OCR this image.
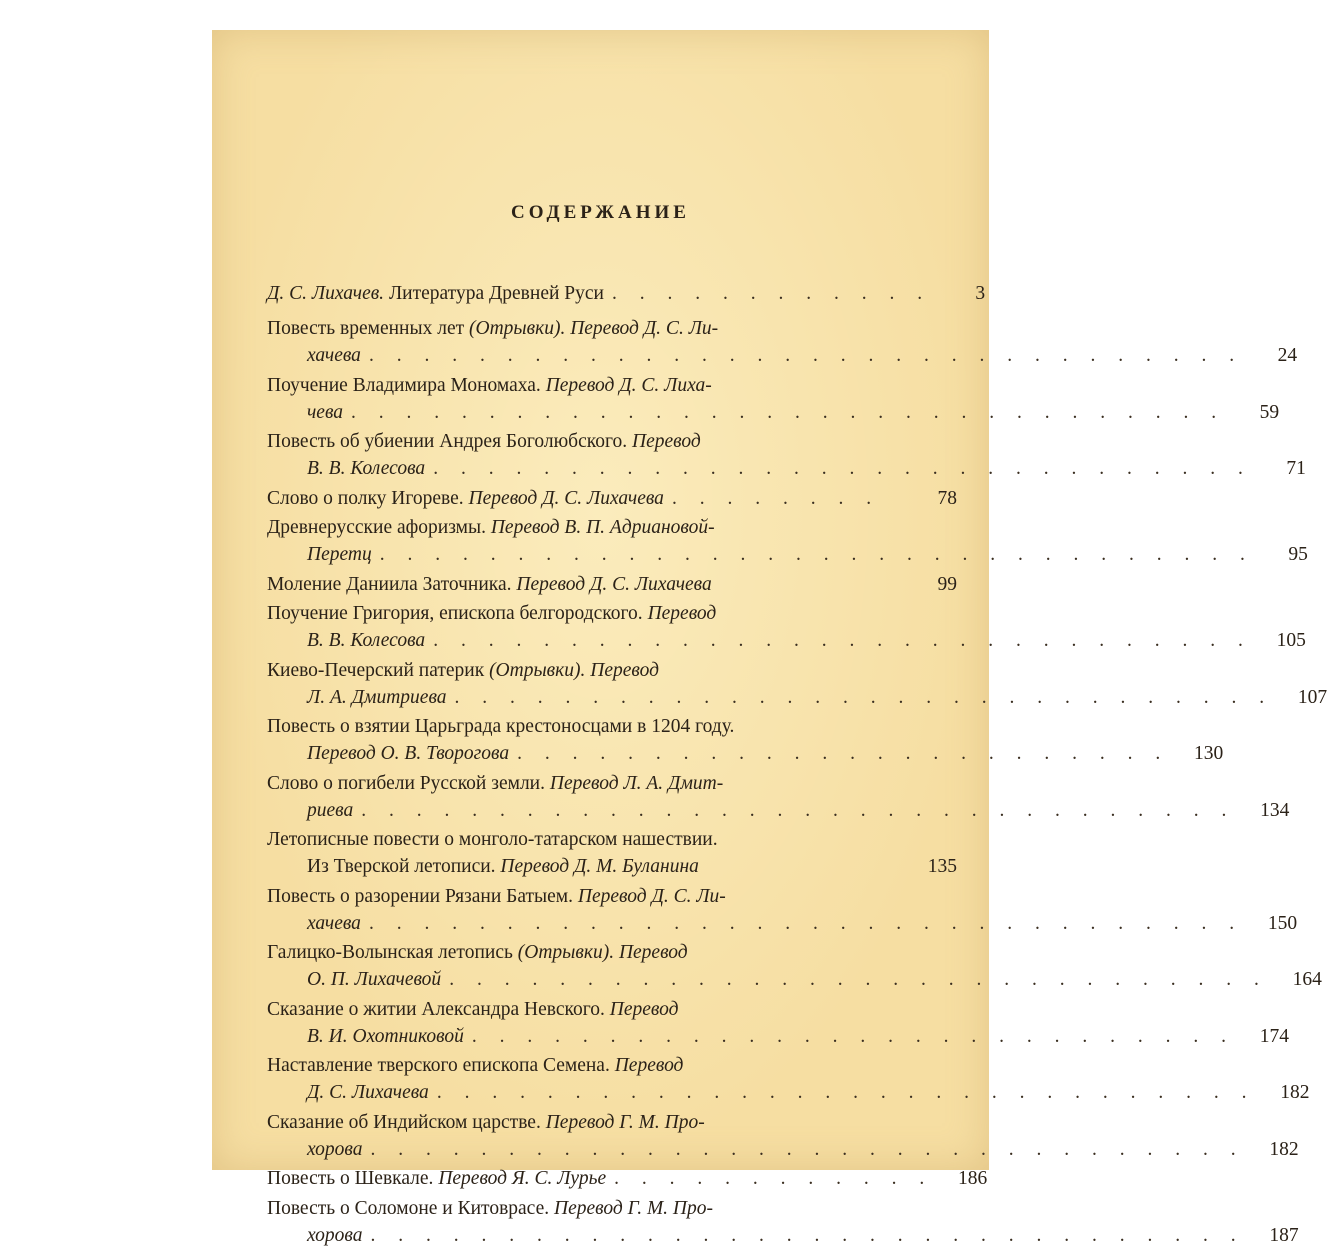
СОДЕРЖАНИЕ
Д. С. Лихачев. Литература Древней Руси . . . . . . . . . . . .	3
Повесть временных лет (Отрывки). Перевод Д. С. Ли-
хачева . . . . . . . . . . . . . . . . . . . . . . . . . . . . . . . .	24
Поучение Владимира Мономаха. Перевод Д. С. Лиха-
чева . . . . . . . . . . . . . . . . . . . . . . . . . . . . . . . .	59
Повесть об убиении Андрея Боголюбского. Перевод
В. В. Колесова . . . . . . . . . . . . . . . . . . . . . . . . . . . . . .	71
Слово о полку Игореве. Перевод Д. С. Лихачева . . . . . . . .	78
Древнерусские афоризмы. Перевод В. П. Адриановой-
Перетц . . . . . . . . . . . . . . . . . . . . . . . . . . . . . . . .	95
Моление Даниила Заточника. Перевод Д. С. Лихачева	99
Поучение Григория, епископа белгородского. Перевод
В. В. Колесова . . . . . . . . . . . . . . . . . . . . . . . . . . . . . .	105
Киево-Печерский патерик (Отрывки). Перевод
Л. А. Дмитриева . . . . . . . . . . . . . . . . . . . . . . . . . . . . . .	107
Повесть о взятии Царьграда крестоносцами в 1204 году.
Перевод О. В. Творогова . . . . . . . . . . . . . . . . . . . . . . . .	130
Слово о погибели Русской земли. Перевод Л. А. Дмит-
риева . . . . . . . . . . . . . . . . . . . . . . . . . . . . . . . .	134
Летописные повести о монголо-татарском нашествии.
Из Тверской летописи. Перевод Д. М. Буланина	135
Повесть о разорении Рязани Батыем. Перевод Д. С. Ли-
хачева . . . . . . . . . . . . . . . . . . . . . . . . . . . . . . . .	150
Галицко-Волынская летопись (Отрывки). Перевод
О. П. Лихачевой . . . . . . . . . . . . . . . . . . . . . . . . . . . . . .	164
Сказание о житии Александра Невского. Перевод
В. И. Охотниковой . . . . . . . . . . . . . . . . . . . . . . . . . . . .	174
Наставление тверского епископа Семена. Перевод
Д. С. Лихачева . . . . . . . . . . . . . . . . . . . . . . . . . . . . . .	182
Сказание об Индийском царстве. Перевод Г. М. Про-
хорова . . . . . . . . . . . . . . . . . . . . . . . . . . . . . . . .	182
Повесть о Шевкале. Перевод Я. С. Лурье . . . . . . . . . . . .	186
Повесть о Соломоне и Китоврасе. Перевод Г. М. Про-
хорова . . . . . . . . . . . . . . . . . . . . . . . . . . . . . . . .	187
